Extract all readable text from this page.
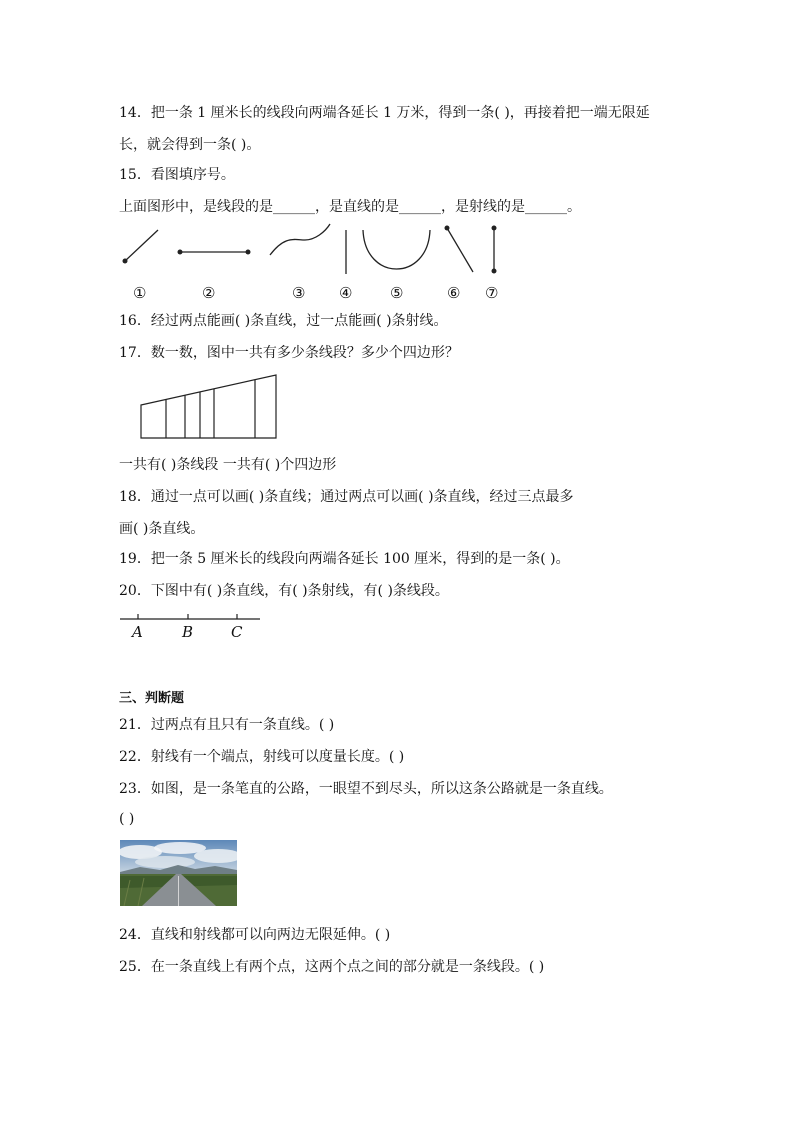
14．把一条 1 厘米长的线段向两端各延长 1 万米，得到一条( )，再接着把一端无限延
长，就会得到一条( )。
15．看图填序号。
上面图形中，是线段的是______，是直线的是______，是射线的是______。
①	②	③ ④	⑤	⑥ ⑦
16．经过两点能画( )条直线，过一点能画( )条射线。
17．数一数，图中一共有多少条线段？多少个四边形？
一共有( )条线段 一共有( )个四边形
18．通过一点可以画( )条直线；通过两点可以画( )条直线，经过三点最多
画( )条直线。
19．把一条 5 厘米长的线段向两端各延长 100 厘米，得到的是一条( )。
20．下图中有( )条直线，有( )条射线，有( )条线段。
A	B	C
三、判断题
21．过两点有且只有一条直线。( )
22．射线有一个端点，射线可以度量长度。( )
23．如图，是一条笔直的公路，一眼望不到尽头，所以这条公路就是一条直线。
( )
24．直线和射线都可以向两边无限延伸。( )
25．在一条直线上有两个点，这两个点之间的部分就是一条线段。( )
